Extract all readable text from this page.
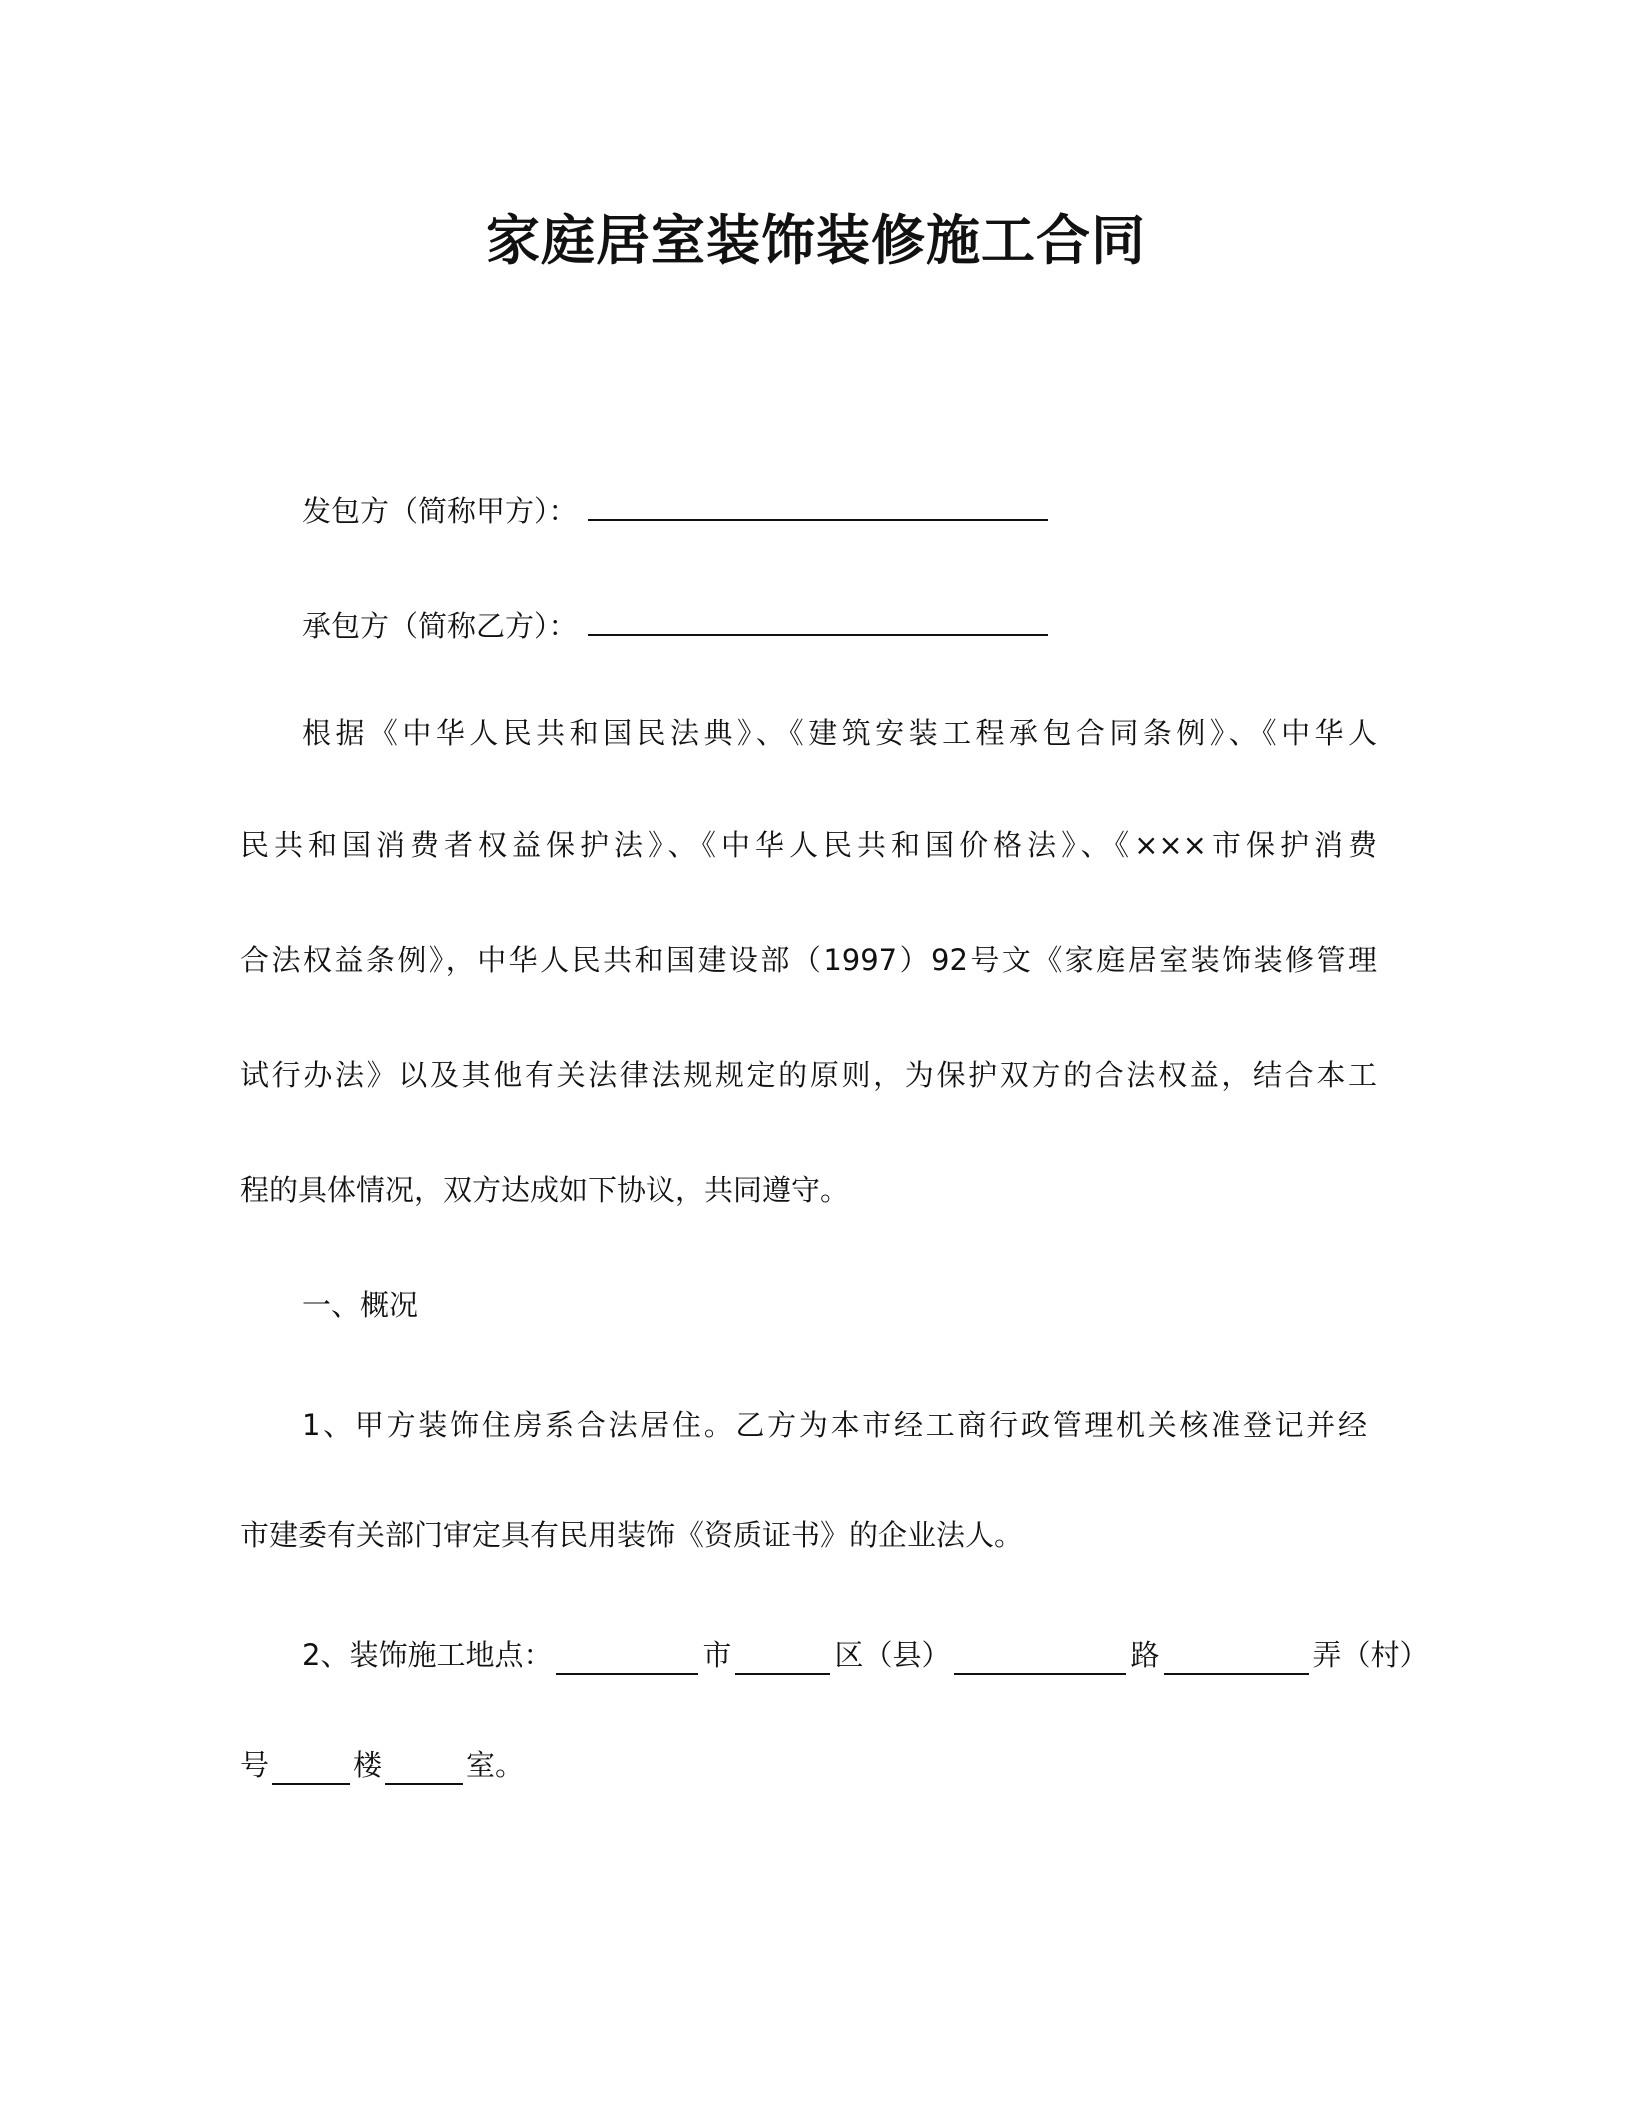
家庭居室装饰装修施工合同
发包方（简称甲方）：
承包方（简称乙方）：
根据《中华人民共和国民法典》、《建筑安装工程承包合同条例》、《中华人
民共和国消费者权益保护法》、《中华人民共和国价格法》、《×××市保护消费
合法权益条例》，中华人民共和国建设部（1997）92号文《家庭居室装饰装修管理
试行办法》以及其他有关法律法规规定的原则，为保护双方的合法权益，结合本工
程的具体情况，双方达成如下协议，共同遵守。
一、概况
1、甲方装饰住房系合法居住。乙方为本市经工商行政管理机关核准登记并经
市建委有关部门审定具有民用装饰《资质证书》的企业法人。
2、装饰施工地点：	市	区（县）	路	弄（村）
号	楼	室。
